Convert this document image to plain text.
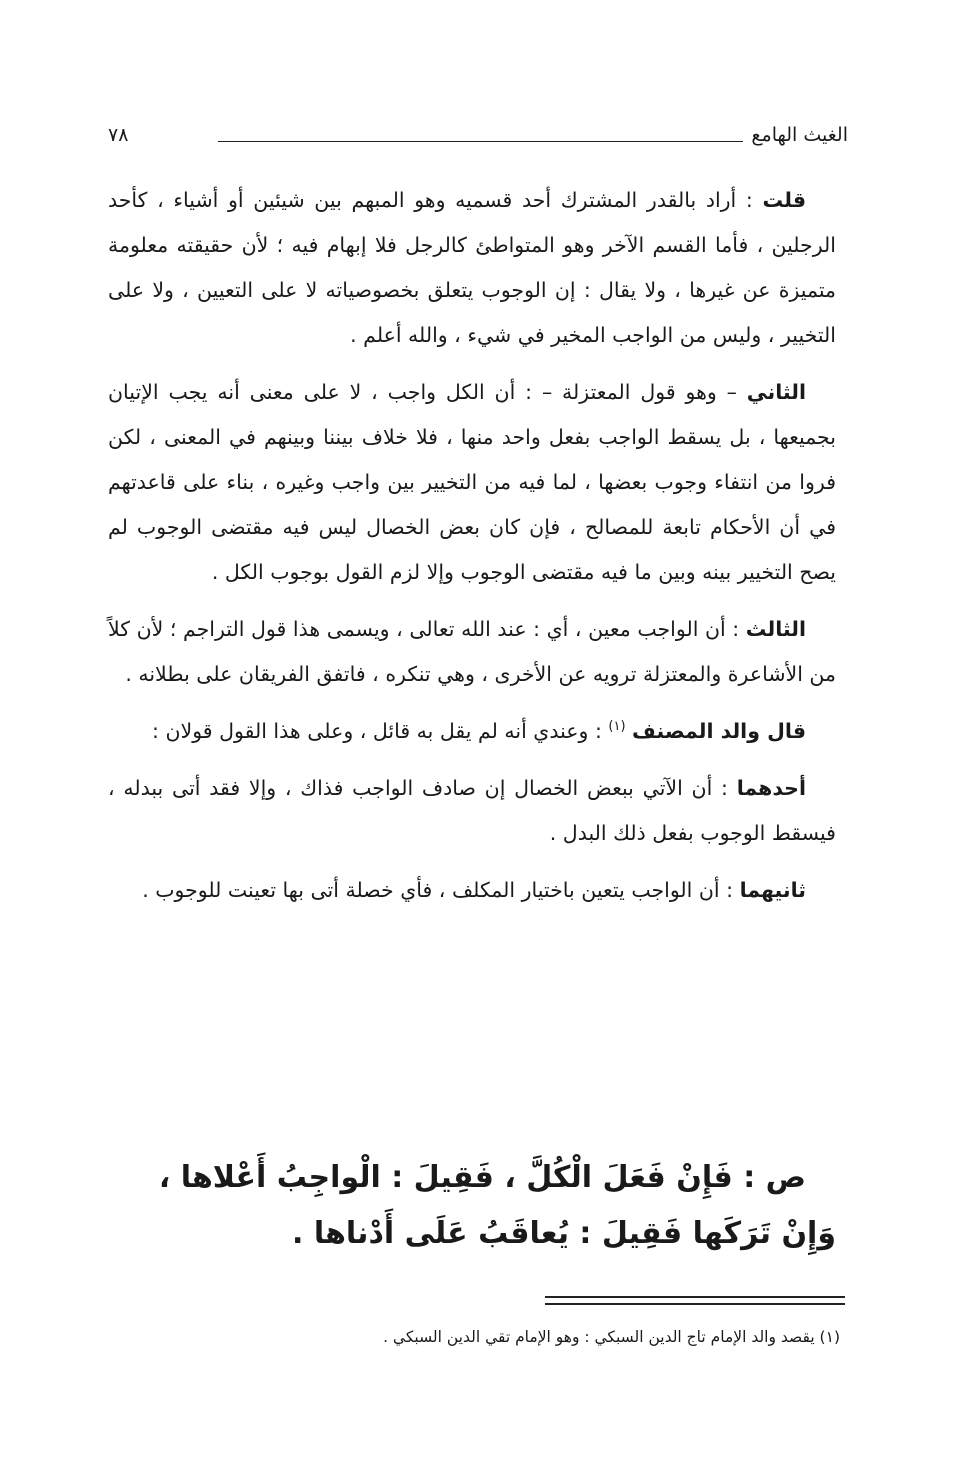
الغيث الهامع
٧٨

قلت : أراد بالقدر المشترك أحد قسميه وهو المبهم بين شيئين أو أشياء ، كأحد الرجلين ، فأما القسم الآخر وهو المتواطئ كالرجل فلا إبهام فيه ؛ لأن حقيقته معلومة متميزة عن غيرها ، ولا يقال : إن الوجوب يتعلق بخصوصياته لا على التعيين ، ولا على التخيير ، وليس من الواجب المخير في شيء ، والله أعلم .

الثاني – وهو قول المعتزلة – : أن الكل واجب ، لا على معنى أنه يجب الإتيان بجميعها ، بل يسقط الواجب بفعل واحد منها ، فلا خلاف بيننا وبينهم في المعنى ، لكن فروا من انتفاء وجوب بعضها ، لما فيه من التخيير بين واجب وغيره ، بناء على قاعدتهم في أن الأحكام تابعة للمصالح ، فإن كان بعض الخصال ليس فيه مقتضى الوجوب لم يصح التخيير بينه وبين ما فيه مقتضى الوجوب وإلا لزم القول بوجوب الكل .

الثالث : أن الواجب معين ، أي : عند الله تعالى ، ويسمى هذا قول التراجم ؛ لأن كلاً من الأشاعرة والمعتزلة ترويه عن الأخرى ، وهي تنكره ، فاتفق الفريقان على بطلانه .

قال والد المصنف $^{(١)}$ : وعندي أنه لم يقل به قائل ، وعلى هذا القول قولان :

أحدهما : أن الآتي ببعض الخصال إن صادف الواجب فذاك ، وإلا فقد أتى ببدله ، فيسقط الوجوب بفعل ذلك البدل .

ثانيهما : أن الواجب يتعين باختيار المكلف ، فأي خصلة أتى بها تعينت للوجوب .

ص : فَإِنْ فَعَلَ الْكُلَّ ، فَقِيلَ : الْواجِبُ أَعْلاها ، وَإِنْ تَرَكَها فَقِيلَ : يُعاقَبُ عَلَى أَدْناها .

(١) يقصد والد الإمام تاج الدين السبكي : وهو الإمام تقي الدين السبكي .
